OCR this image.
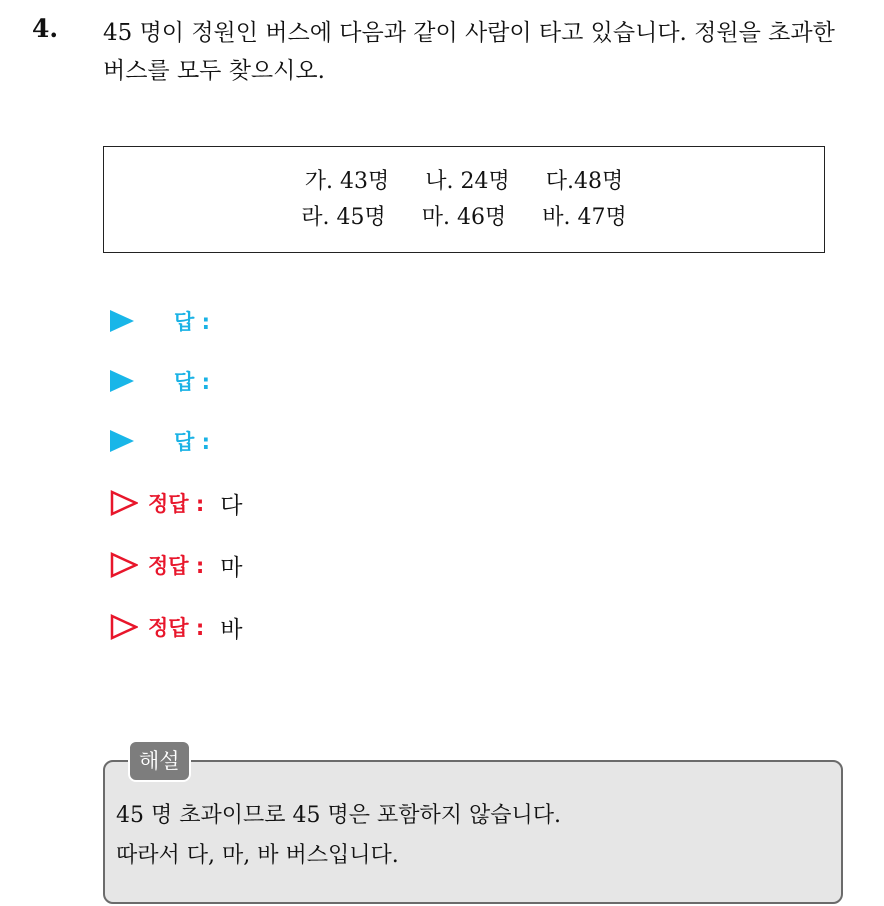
4. 45 명이 정원인 버스에 다음과 같이 사람이 타고 있습니다. 정원을 초과한 버스를 모두 찾으시오.
가. 43명 나. 24명 다.48명
라. 45명 마. 46명 바. 47명
답 :
답 :
답 :
정답 : 다
정답 : 마
정답 : 바
해설
45 명 초과이므로 45 명은 포함하지 않습니다.
따라서 다, 마, 바 버스입니다.
